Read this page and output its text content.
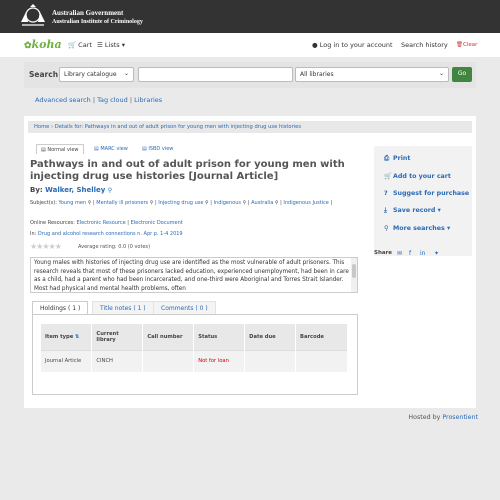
Australian Government
Australian Institute of Criminology
✿koha 🛒 Cart ☰ Lists ▾	● Log in to your account Search history 🗑Clear
Search Library catalogue ⌄	All libraries	⌄	Go
Advanced search | Tag cloud | Libraries
Home › Details for: Pathways in and out of adult prison for young men with injecting drug use histories
▤ Normal view	▤ MARC view	▤ ISBD view
Pathways in and out of adult prison for young men with injecting drug use histories [Journal Article]
By: Walker, Shelley ⚲
Subject(s): Young men ⚲ | Mentally ill prisoners ⚲ | Injecting drug use ⚲ | Indigenous ⚲ | Australia ⚲ | Indigenous Justice |
Online Resources: Electronic Resource | Electronic Document
In: Drug and alcohol research connections n. Apr p. 1-4 2019
★★★★★	Average rating: 0.0 (0 votes)
Young males with histories of injecting drug use are identified as the most vulnerable of adult prisoners. This research reveals that most of these prisoners lacked education, experienced unemployment, had been in care as a child, had a parent who had been incarcerated, and one-third were Aboriginal and Torres Strait Islander. Most had physical and mental health problems, often
Holdings ( 1 )	Title notes ( 1 )	Comments ( 0 )
Item type ⇅	Current library	Call number	Status	Date due	Barcode
Journal Article	CINCH		Not for loan		
⎙ Print
🛒Add to your cart
? Suggest for purchase
⤓ Save record ▾
⚲ More searches ▾
Share ✉ f in ✦
Hosted by Prosentient
